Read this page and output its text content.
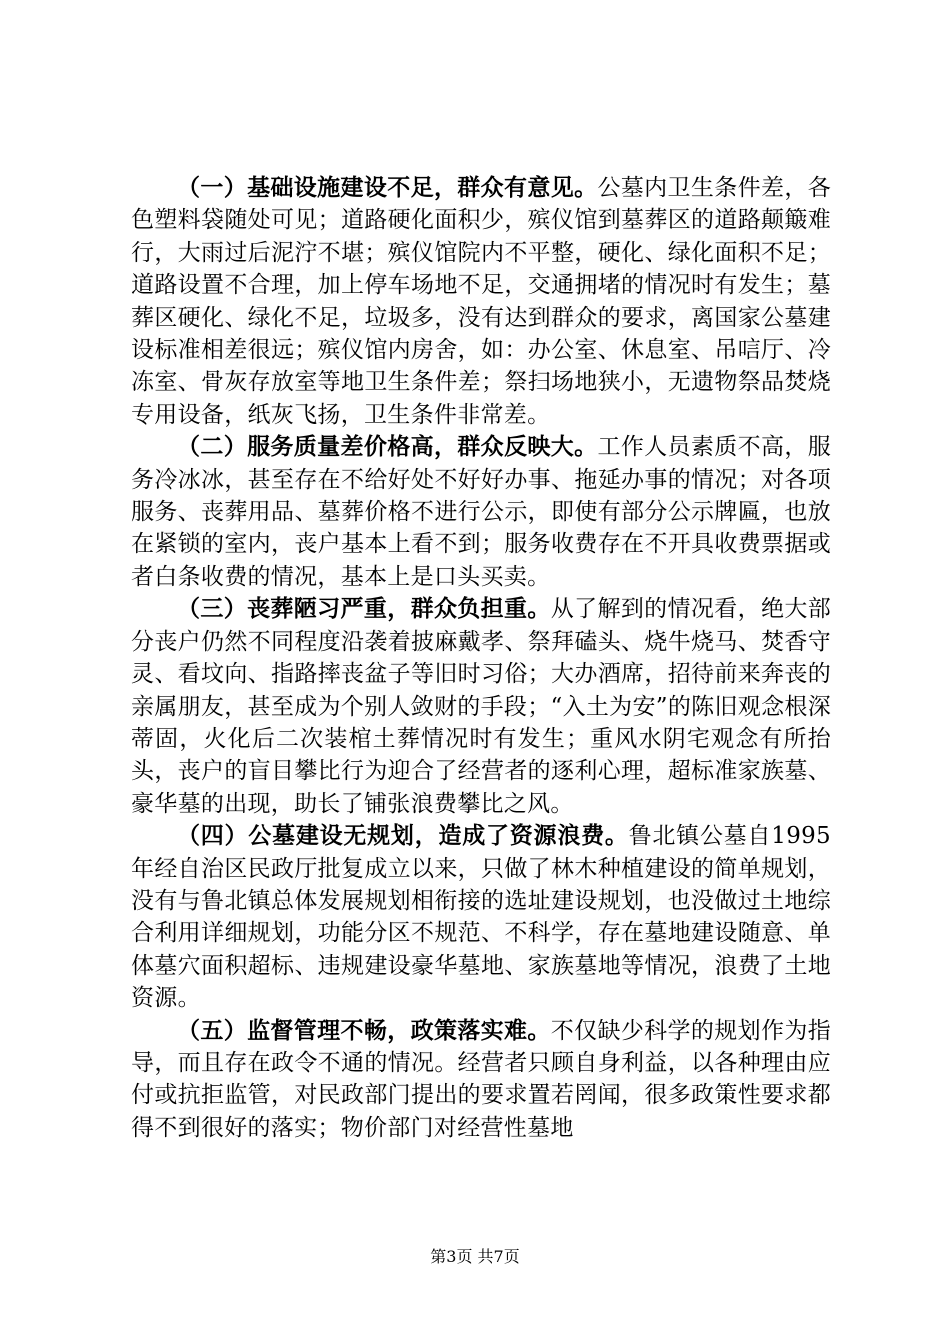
（一）基础设施建设不足，群众有意见。公墓内卫生条件差，各色塑料袋随处可见；道路硬化面积少，殡仪馆到墓葬区的道路颠簸难行，大雨过后泥泞不堪；殡仪馆院内不平整，硬化、绿化面积不足；道路设置不合理，加上停车场地不足，交通拥堵的情况时有发生；墓葬区硬化、绿化不足，垃圾多，没有达到群众的要求，离国家公墓建设标准相差很远；殡仪馆内房舍，如：办公室、休息室、吊唁厅、冷冻室、骨灰存放室等地卫生条件差；祭扫场地狭小，无遗物祭品焚烧专用设备，纸灰飞扬，卫生条件非常差。

（二）服务质量差价格高，群众反映大。工作人员素质不高，服务冷冰冰，甚至存在不给好处不好好办事、拖延办事的情况；对各项服务、丧葬用品、墓葬价格不进行公示，即使有部分公示牌匾，也放在紧锁的室内，丧户基本上看不到；服务收费存在不开具收费票据或者白条收费的情况，基本上是口头买卖。

（三）丧葬陋习严重，群众负担重。从了解到的情况看，绝大部分丧户仍然不同程度沿袭着披麻戴孝、祭拜磕头、烧牛烧马、焚香守灵、看坟向、指路摔丧盆子等旧时习俗；大办酒席，招待前来奔丧的亲属朋友，甚至成为个别人敛财的手段；“入土为安”的陈旧观念根深蒂固，火化后二次装棺土葬情况时有发生；重风水阴宅观念有所抬头，丧户的盲目攀比行为迎合了经营者的逐利心理，超标准家族墓、豪华墓的出现，助长了铺张浪费攀比之风。

（四）公墓建设无规划，造成了资源浪费。鲁北镇公墓自1995年经自治区民政厅批复成立以来，只做了林木种植建设的简单规划，没有与鲁北镇总体发展规划相衔接的选址建设规划，也没做过土地综合利用详细规划，功能分区不规范、不科学，存在墓地建设随意、单体墓穴面积超标、违规建设豪华墓地、家族墓地等情况，浪费了土地资源。

（五）监督管理不畅，政策落实难。不仅缺少科学的规划作为指导，而且存在政令不通的情况。经营者只顾自身利益，以各种理由应付或抗拒监管，对民政部门提出的要求置若罔闻，很多政策性要求都得不到很好的落实；物价部门对经营性墓地

第3页 共7页
